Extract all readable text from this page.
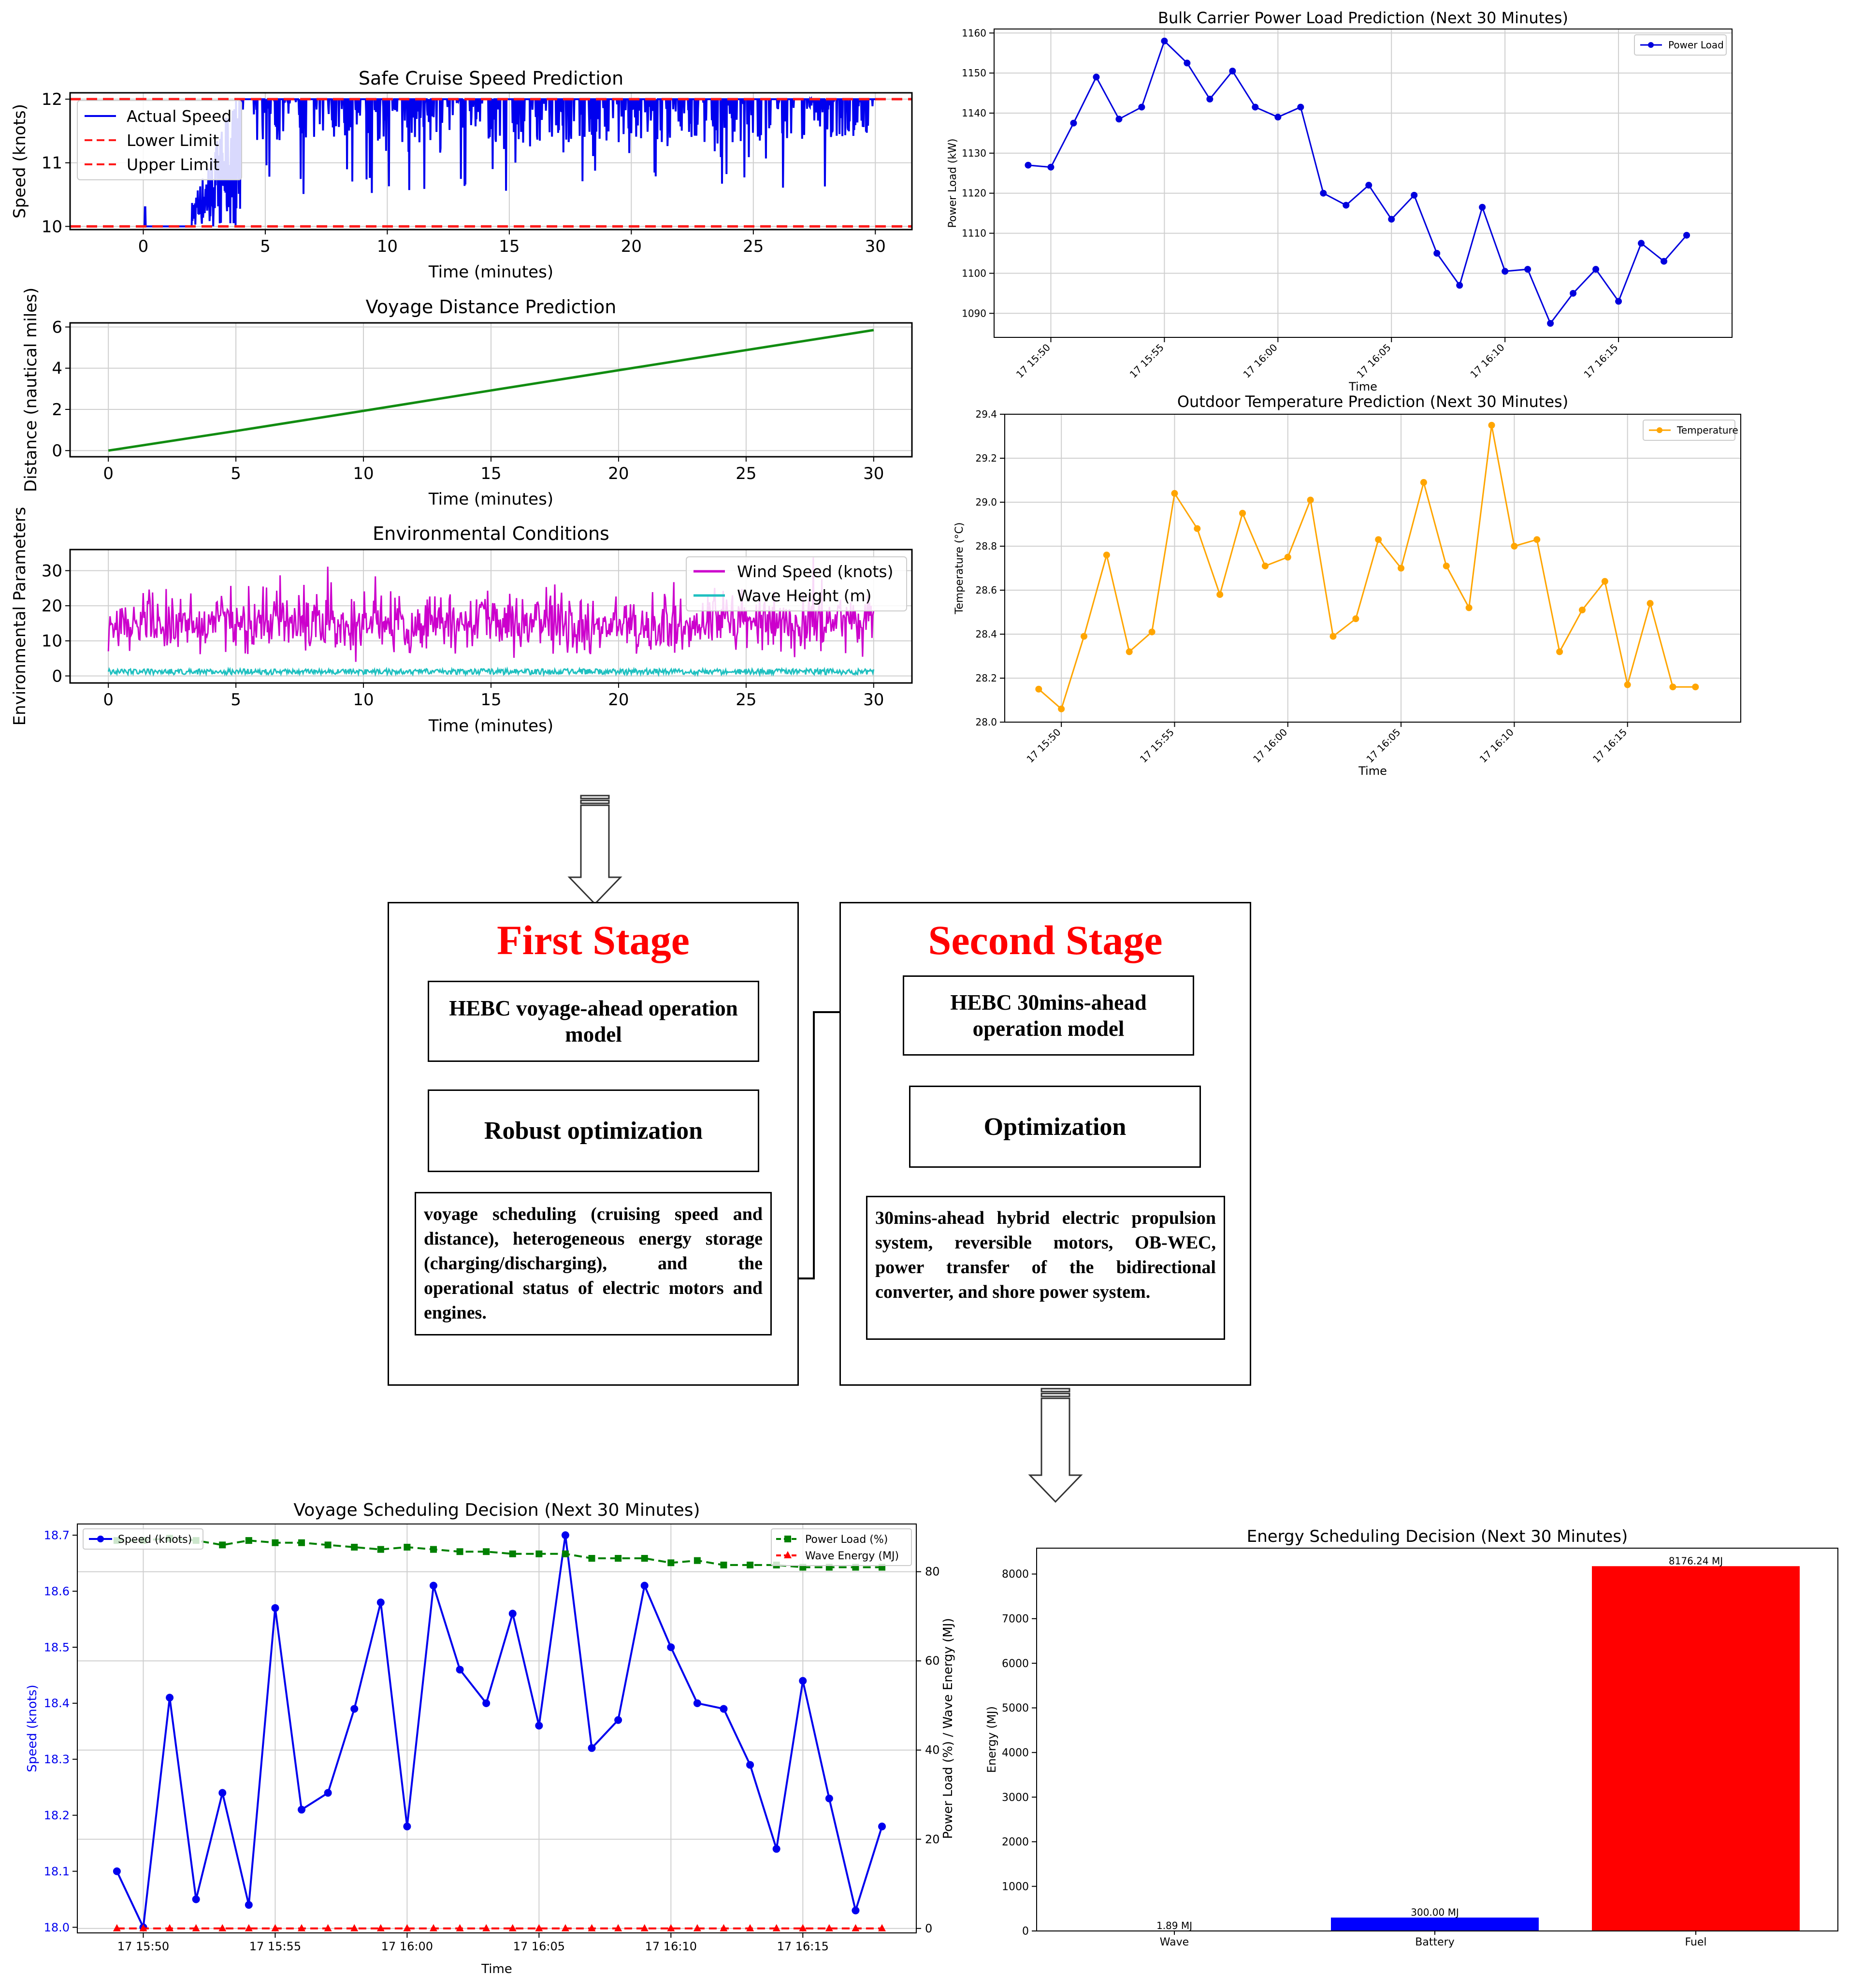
0	5	10	15	20	25	30
10
11
12
Safe Cruise Speed Prediction
Time (minutes)
Speed (knots)	Actual Speed
Lower Limit
Upper Limit
0	5	10	15	20	25	30
0
2
4
6
Voyage Distance Prediction
Time (minutes)
Distance (nautical miles)
0	5	10	15	20	25	30
0
10
20
30
Environmental Conditions
Time (minutes)
Environmental Parameters	Wind Speed (knots)
Wave Height (m)
17 15:50	17 15:55	17 16:00	17 16:05	17 16:10	17 16:15
1090
1100
1110
1120
1130
1140
1150
1160
Bulk Carrier Power Load Prediction (Next 30 Minutes)
Time
Power Load (kW)
Power Load
17 15:50	17 15:55	17 16:00	17 16:05	17 16:10	17 16:15
28.0
28.2
28.4
28.6
28.8
29.0
29.2
29.4
Outdoor Temperature Prediction (Next 30 Minutes)
Time
Temperature (°C)
Temperature
17 15:50	17 15:55	17 16:00	17 16:05	17 16:10	17 16:15
18.0
18.1
18.2
18.3
18.4
18.5
18.6
18.7
0
20
40
60
80
Voyage Scheduling Decision (Next 30 Minutes)
Time
Speed (knots)	Power Load (%) / Wave Energy (MJ)
Speed (knots)	Power Load (%)
Wave Energy (MJ)
1.89 MJ
Wave
300.00 MJ
Battery
8176.24 MJ
Fuel
0
1000
2000
3000
4000
5000
6000
7000
8000
Energy Scheduling Decision (Next 30 Minutes)
Energy (MJ)
First Stage	Second Stage
HEBC voyage-ahead operation model
Robust optimization
voyage scheduling (cruising speed and distance), heterogeneous energy storage (charging/discharging), and the operational status of electric motors and engines.
HEBC 30mins-ahead operation model
Optimization
30mins-ahead hybrid electric propulsion system, reversible motors, OB-WEC, power transfer of the bidirectional converter, and shore power system.
